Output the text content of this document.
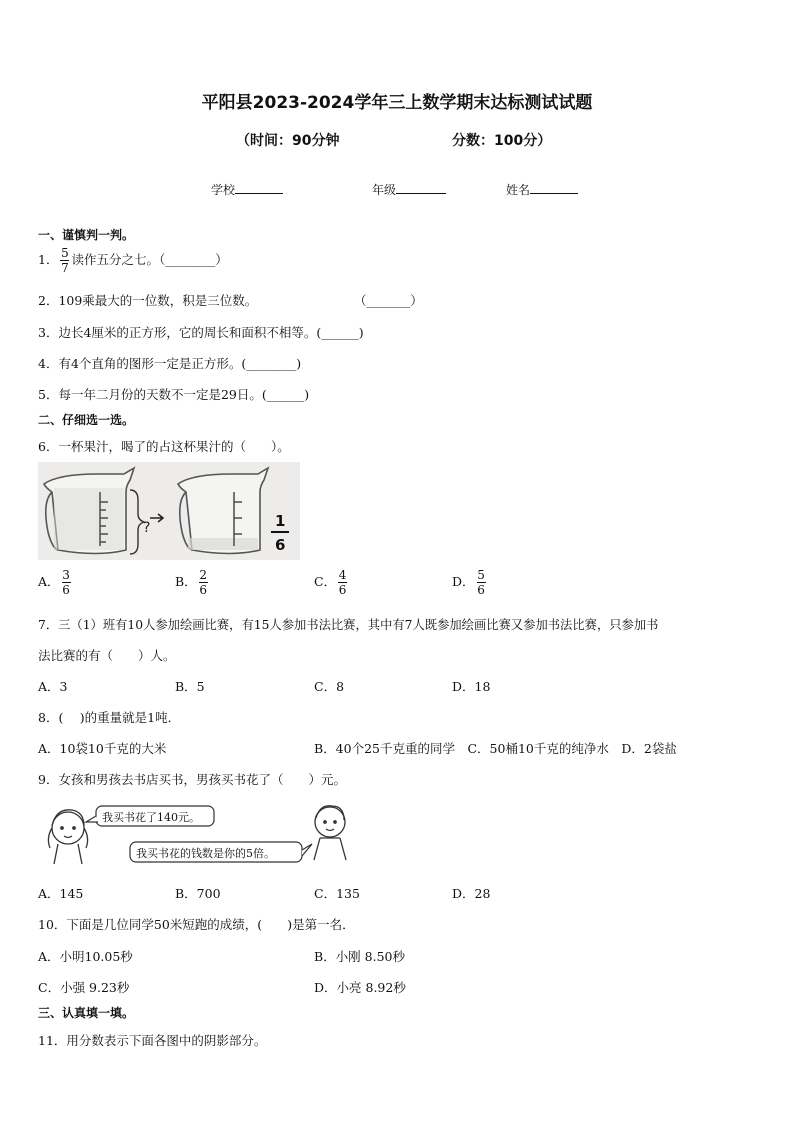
平阳县2023-2024学年三上数学期末达标测试试题
（时间：90分钟	分数：100分）
学校	年级	姓名
一、谨慎判一判。
1． $\frac{5}{7}$ 读作五分之七。（________）
2．109乘最大的一位数，积是三位数。	（_______）
3．边长4厘米的正方形，它的周长和面积不相等。(______)
4．有4个直角的图形一定是正方形。(________)
5．每一年二月份的天数不一定是29日。(______)
二、仔细选一选。
6．一杯果汁，喝了的占这杯果汁的（　　）。
?	1
6
A． $\frac{3}{6}$	B． $\frac{2}{6}$	C． $\frac{4}{6}$	D． $\frac{5}{6}$
7．三（1）班有10人参加绘画比赛，有15人参加书法比赛，其中有7人既参加绘画比赛又参加书法比赛，只参加书
法比赛的有（　　）人。
A．3	B．5	C．8	D．18
8．(　 )的重量就是1吨．
A．10袋10千克的大米	B．40个25千克重的同学　C．50桶10千克的纯净水　D．2袋盐
9．女孩和男孩去书店买书，男孩买书花了（　　）元。
我买书花了140元。
我买书花的钱数是你的5倍。
A．145	B．700	C．135	D．28
10．下面是几位同学50米短跑的成绩，(　　)是第一名．
A．小明10.05秒	B．小刚 8.50秒
C．小强 9.23秒	D．小亮 8.92秒
三、认真填一填。
11．用分数表示下面各图中的阴影部分。
